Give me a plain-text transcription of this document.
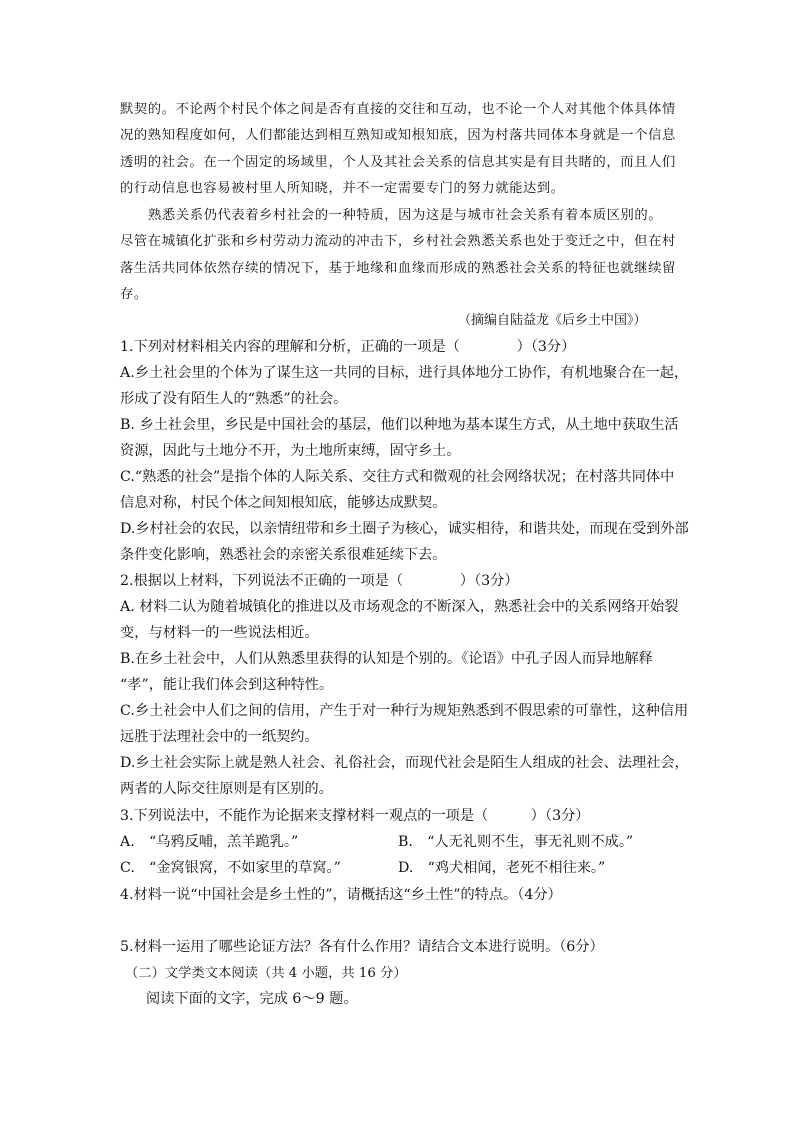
默契的。不论两个村民个体之间是否有直接的交往和互动，也不论一个人对其他个体具体情
况的熟知程度如何，人们都能达到相互熟知或知根知底，因为村落共同体本身就是一个信息
透明的社会。在一个固定的场域里，个人及其社会关系的信息其实是有目共睹的，而且人们
的行动信息也容易被村里人所知晓，并不一定需要专门的努力就能达到。
熟悉关系仍代表着乡村社会的一种特质，因为这是与城市社会关系有着本质区别的。
尽管在城镇化扩张和乡村劳动力流动的冲击下，乡村社会熟悉关系也处于变迁之中，但在村
落生活共同体依然存续的情况下，基于地缘和血缘而形成的熟悉社会关系的特征也就继续留
存。
（摘编自陆益龙《后乡土中国》）
1.下列对材料相关内容的理解和分析，正确的一项是（　　　　）（3分）
A.乡土社会里的个体为了谋生这一共同的目标，进行具体地分工协作，有机地聚合在一起，
形成了没有陌生人的“熟悉”的社会。
B. 乡土社会里，乡民是中国社会的基层，他们以种地为基本谋生方式，从土地中获取生活
资源，因此与土地分不开，为土地所束缚，固守乡土。
C.“熟悉的社会”是指个体的人际关系、交往方式和微观的社会网络状况；在村落共同体中
信息对称，村民个体之间知根知底，能够达成默契。
D.乡村社会的农民，以亲情纽带和乡土圈子为核心，诚实相待，和谐共处，而现在受到外部
条件变化影响，熟悉社会的亲密关系很难延续下去。
2.根据以上材料，下列说法不正确的一项是（　　　　）（3分）
A. 材料二认为随着城镇化的推进以及市场观念的不断深入，熟悉社会中的关系网络开始裂
变，与材料一的一些说法相近。
B.在乡土社会中，人们从熟悉里获得的认知是个别的。《论语》中孔子因人而异地解释
“孝”，能让我们体会到这种特性。
C.乡土社会中人们之间的信用，产生于对一种行为规矩熟悉到不假思索的可靠性，这种信用
远胜于法理社会中的一纸契约。
D.乡土社会实际上就是熟人社会、礼俗社会，而现代社会是陌生人组成的社会、法理社会，
两者的人际交往原则是有区别的。
3.下列说法中，不能作为论据来支撑材料一观点的一项是（　　　）（3分）
A.　“乌鸦反哺，羔羊跪乳。”	B.　“人无礼则不生，事无礼则不成。”
C.　“金窝银窝，不如家里的草窝。”	D.　“鸡犬相闻，老死不相往来。”
4.材料一说“中国社会是乡土性的”，请概括这“乡土性”的特点。（4分）
5.材料一运用了哪些论证方法？各有什么作用？请结合文本进行说明。（6分）
（二）文学类文本阅读（共 4 小题，共 16 分）
阅读下面的文字，完成 6～9 题。
